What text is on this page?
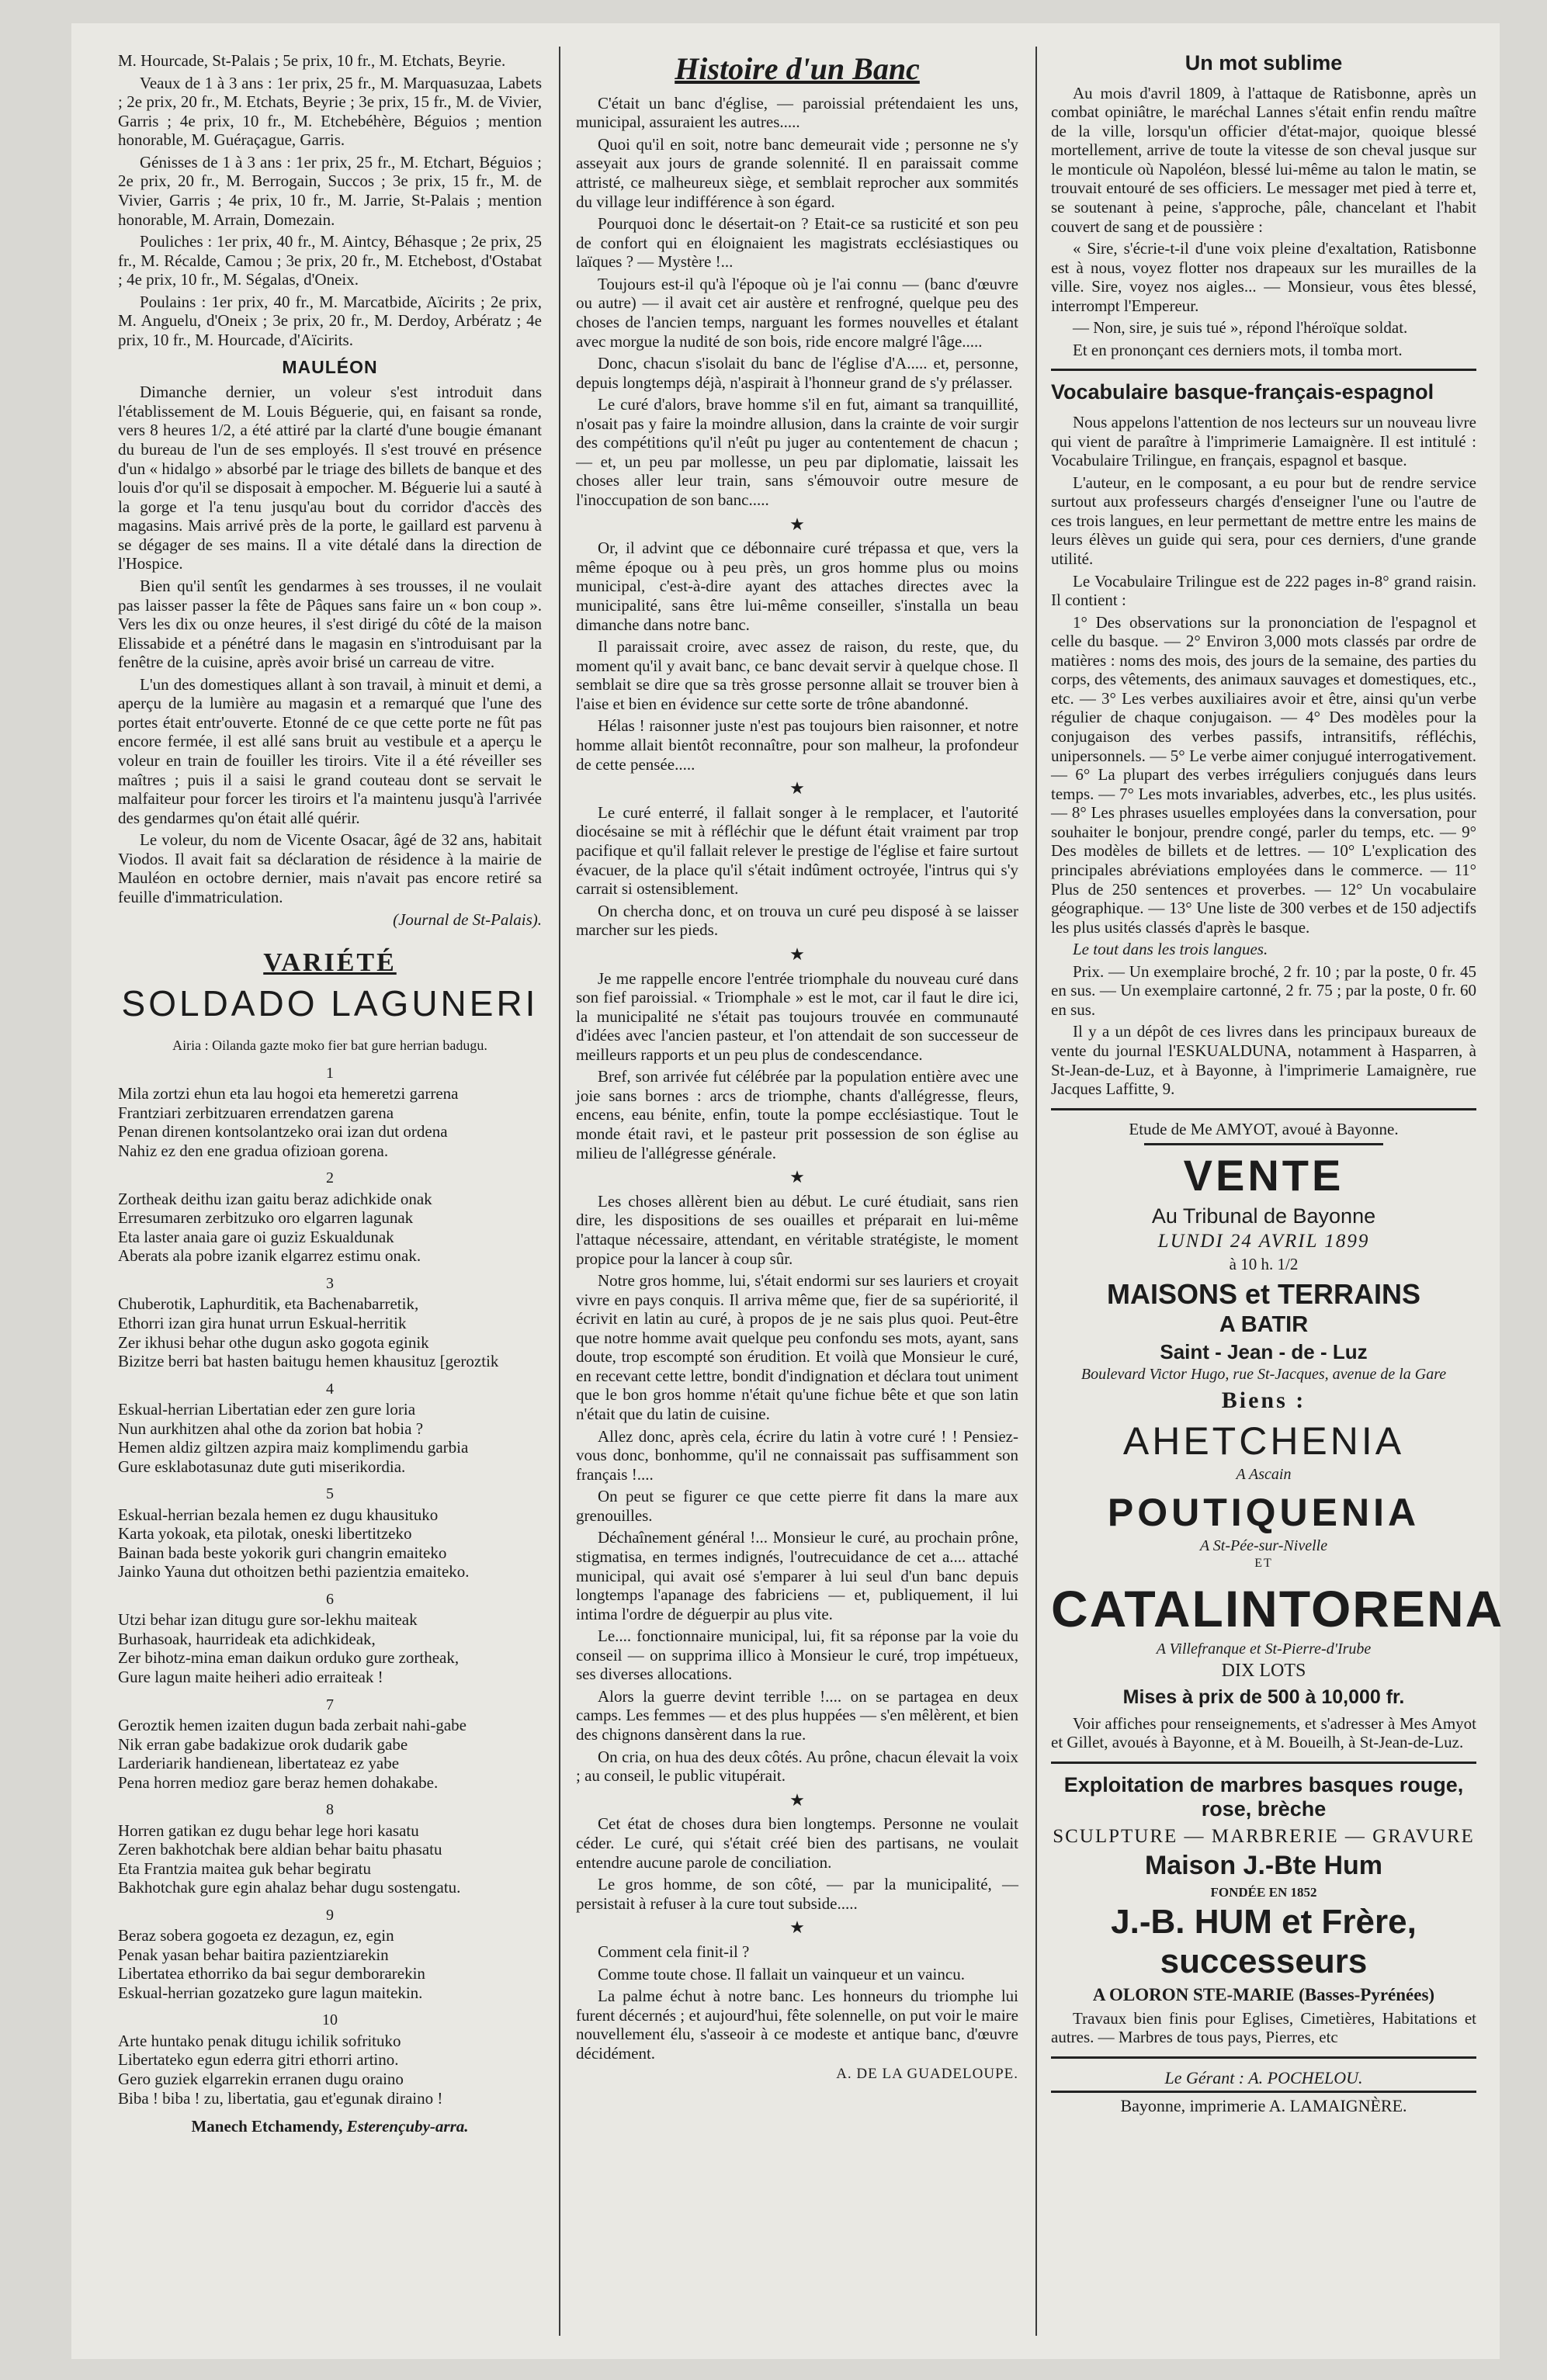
M. Hourcade, St-Palais ; 5e prix, 10 fr., M. Etchats, Beyrie.

Veaux de 1 à 3 ans : 1er prix, 25 fr., M. Marquasuzaa, Labets ; 2e prix, 20 fr., M. Etchats, Beyrie ; 3e prix, 15 fr., M. de Vivier, Garris ; 4e prix, 10 fr., M. Etchebéhère, Béguios ; mention honorable, M. Guéraçague, Garris.

Génisses de 1 à 3 ans : 1er prix, 25 fr., M. Etchart, Béguios ; 2e prix, 20 fr., M. Berrogain, Succos ; 3e prix, 15 fr., M. de Vivier, Garris ; 4e prix, 10 fr., M. Jarrie, St-Palais ; mention honorable, M. Arrain, Domezain.

Pouliches : 1er prix, 40 fr., M. Aintcy, Béhasque ; 2e prix, 25 fr., M. Récalde, Camou ; 3e prix, 20 fr., M. Etchebost, d'Ostabat ; 4e prix, 10 fr., M. Ségalas, d'Oneix.

Poulains : 1er prix, 40 fr., M. Marcatbide, Aïcirits ; 2e prix, M. Anguelu, d'Oneix ; 3e prix, 20 fr., M. Derdoy, Arbératz ; 4e prix, 10 fr., M. Hourcade, d'Aïcirits.

MAULÉON

Dimanche dernier, un voleur s'est introduit dans l'établissement de M. Louis Béguerie, qui, en faisant sa ronde, vers 8 heures 1/2, a été attiré par la clarté d'une bougie émanant du bureau de l'un de ses employés. Il s'est trouvé en présence d'un « hidalgo » absorbé par le triage des billets de banque et des louis d'or qu'il se disposait à empocher. M. Béguerie lui a sauté à la gorge et l'a tenu jusqu'au bout du corridor d'accès des magasins. Mais arrivé près de la porte, le gaillard est parvenu à se dégager de ses mains. Il a vite détalé dans la direction de l'Hospice.

Bien qu'il sentît les gendarmes à ses trousses, il ne voulait pas laisser passer la fête de Pâques sans faire un « bon coup ». Vers les dix ou onze heures, il s'est dirigé du côté de la maison Elissabide et a pénétré dans le magasin en s'introduisant par la fenêtre de la cuisine, après avoir brisé un carreau de vitre.

L'un des domestiques allant à son travail, à minuit et demi, a aperçu de la lumière au magasin et a remarqué que l'une des portes était entr'ouverte. Etonné de ce que cette porte ne fût pas encore fermée, il est allé sans bruit au vestibule et a aperçu le voleur en train de fouiller les tiroirs. Vite il a été réveiller ses maîtres ; puis il a saisi le grand couteau dont se servait le malfaiteur pour forcer les tiroirs et l'a maintenu jusqu'à l'arrivée des gendarmes qu'on était allé quérir.

Le voleur, du nom de Vicente Osacar, âgé de 32 ans, habitait Viodos. Il avait fait sa déclaration de résidence à la mairie de Mauléon en octobre dernier, mais n'avait pas encore retiré sa feuille d'immatriculation.

(Journal de St-Palais).
VARIÉTÉ
SOLDADO LAGUNERI
Airia : Oilanda gazte moko fier bat gure herrian badugu.
1

Mila zortzi ehun eta lau hogoi eta hemeretzi garrena

Frantziari zerbitzuaren errendatzen garena

Penan direnen kontsolantzeko orai izan dut ordena

Nahiz ez den ene gradua ofizioan gorena.

2

Zortheak deithu izan gaitu beraz adichkide onak

Erresumaren zerbitzuko oro elgarren lagunak

Eta laster anaia gare oi guziz Eskualdunak

Aberats ala pobre izanik elgarrez estimu onak.

3

Chuberotik, Laphurditik, eta Bachenabarretik,

Ethorri izan gira hunat urrun Eskual-herritik

Zer ikhusi behar othe dugun asko gogota eginik

Bizitze berri bat hasten baitugu hemen khausituz [geroztik

4

Eskual-herrian Libertatian eder zen gure loria

Nun aurkhitzen ahal othe da zorion bat hobia ?

Hemen aldiz giltzen azpira maiz komplimendu garbia

Gure esklabotasunaz dute guti miserikordia.

5

Eskual-herrian bezala hemen ez dugu khausituko

Karta yokoak, eta pilotak, oneski libertitzeko

Bainan bada beste yokorik guri changrin emaiteko

Jainko Yauna dut othoitzen bethi pazientzia emaiteko.

6

Utzi behar izan ditugu gure sor-lekhu maiteak

Burhasoak, haurrideak eta adichkideak,

Zer bihotz-mina eman daikun orduko gure zortheak,

Gure lagun maite heiheri adio erraiteak !

7

Geroztik hemen izaiten dugun bada zerbait nahi-gabe

Nik erran gabe badakizue orok dudarik gabe

Larderiarik handienean, libertateaz ez yabe

Pena horren medioz gare beraz hemen dohakabe.

8

Horren gatikan ez dugu behar lege hori kasatu

Zeren bakhotchak bere aldian behar baitu phasatu

Eta Frantzia maitea guk behar begiratu

Bakhotchak gure egin ahalaz behar dugu sostengatu.

9

Beraz sobera gogoeta ez dezagun, ez, egin

Penak yasan behar baitira pazientziarekin

Libertatea ethorriko da bai segur demborarekin

Eskual-herrian gozatzeko gure lagun maitekin.

10

Arte huntako penak ditugu ichilik sofrituko

Libertateko egun ederra gitri ethorri artino.

Gero guziek elgarrekin erranen dugu oraino

Biba ! biba ! zu, libertatia, gau et'egunak diraino !

Manech Etchamendy, Esterençuby-arra.
Histoire d'un Banc

C'était un banc d'église, — paroissial prétendaient les uns, municipal, assuraient les autres.....

Quoi qu'il en soit, notre banc demeurait vide ; personne ne s'y asseyait aux jours de grande solennité. Il en paraissait comme attristé, ce malheureux siège, et semblait reprocher aux sommités du village leur indifférence à son égard.

Pourquoi donc le désertait-on ? Etait-ce sa rusticité et son peu de confort qui en éloignaient les magistrats ecclésiastiques ou laïques ? — Mystère !...

Toujours est-il qu'à l'époque où je l'ai connu — (banc d'œuvre ou autre) — il avait cet air austère et renfrogné, quelque peu des choses de l'ancien temps, narguant les formes nouvelles et étalant avec morgue la nudité de son bois, ride encore malgré l'âge.....

Donc, chacun s'isolait du banc de l'église d'A..... et, personne, depuis longtemps déjà, n'aspirait à l'honneur grand de s'y prélasser.

Le curé d'alors, brave homme s'il en fut, aimant sa tranquillité, n'osait pas y faire la moindre allusion, dans la crainte de voir surgir des compétitions qu'il n'eût pu juger au contentement de chacun ; — et, un peu par mollesse, un peu par diplomatie, laissait les choses aller leur train, sans s'émouvoir outre mesure de l'inoccupation de son banc.....

★

Or, il advint que ce débonnaire curé trépassa et que, vers la même époque ou à peu près, un gros homme plus ou moins municipal, c'est-à-dire ayant des attaches directes avec la municipalité, sans être lui-même conseiller, s'installa un beau dimanche dans notre banc.

Il paraissait croire, avec assez de raison, du reste, que, du moment qu'il y avait banc, ce banc devait servir à quelque chose. Il semblait se dire que sa très grosse personne allait se trouver bien à l'aise et bien en évidence sur cette sorte de trône abandonné.

Hélas ! raisonner juste n'est pas toujours bien raisonner, et notre homme allait bientôt reconnaître, pour son malheur, la profondeur de cette pensée.....

★

Le curé enterré, il fallait songer à le remplacer, et l'autorité diocésaine se mit à réfléchir que le défunt était vraiment par trop pacifique et qu'il fallait relever le prestige de l'église et faire surtout évacuer, de la place qu'il s'était indûment octroyée, l'intrus qui s'y carrait si ostensiblement.

On chercha donc, et on trouva un curé peu disposé à se laisser marcher sur les pieds.

★

Je me rappelle encore l'entrée triomphale du nouveau curé dans son fief paroissial. « Triomphale » est le mot, car il faut le dire ici, la municipalité ne s'était pas toujours trouvée en communauté d'idées avec l'ancien pasteur, et l'on attendait de son successeur de meilleurs rapports et un peu plus de condescendance.

Bref, son arrivée fut célébrée par la population entière avec une joie sans bornes : arcs de triomphe, chants d'allégresse, fleurs, encens, eau bénite, enfin, toute la pompe ecclésiastique. Tout le monde était ravi, et le pasteur prit possession de son église au milieu de l'allégresse générale.

★

Les choses allèrent bien au début. Le curé étudiait, sans rien dire, les dispositions de ses ouailles et préparait en lui-même l'attaque nécessaire, attendant, en véritable stratégiste, le moment propice pour la lancer à coup sûr.

Notre gros homme, lui, s'était endormi sur ses lauriers et croyait vivre en pays conquis. Il arriva même que, fier de sa supériorité, il écrivit en latin au curé, à propos de je ne sais plus quoi. Peut-être que notre homme avait quelque peu confondu ses mots, ayant, sans doute, trop escompté son érudition. Et voilà que Monsieur le curé, en recevant cette lettre, bondit d'indignation et déclara tout uniment que le bon gros homme n'était qu'une fichue bête et que son latin n'était que du latin de cuisine.

Allez donc, après cela, écrire du latin à votre curé ! ! Pensiez-vous donc, bonhomme, qu'il ne connaissait pas suffisamment son français !....

On peut se figurer ce que cette pierre fit dans la mare aux grenouilles.

Déchaînement général !... Monsieur le curé, au prochain prône, stigmatisa, en termes indignés, l'outrecuidance de cet a.... attaché municipal, qui avait osé s'emparer à lui seul d'un banc depuis longtemps l'apanage des fabriciens — et, publiquement, il lui intima l'ordre de déguerpir au plus vite.

Le.... fonctionnaire municipal, lui, fit sa réponse par la voie du conseil — on supprima illico à Monsieur le curé, trop impétueux, ses diverses allocations.

Alors la guerre devint terrible !.... on se partagea en deux camps. Les femmes — et des plus huppées — s'en mêlèrent, et bien des chignons dansèrent dans la rue.

On cria, on hua des deux côtés. Au prône, chacun élevait la voix ; au conseil, le public vitupérait.

★

Cet état de choses dura bien longtemps. Personne ne voulait céder. Le curé, qui s'était créé bien des partisans, ne voulait entendre aucune parole de conciliation.

Le gros homme, de son côté, — par la municipalité, — persistait à refuser à la cure tout subside.....

★

Comment cela finit-il ?

Comme toute chose. Il fallait un vainqueur et un vaincu.

La palme échut à notre banc. Les honneurs du triomphe lui furent décernés ; et aujourd'hui, fête solennelle, on put voir le maire nouvellement élu, s'asseoir à ce modeste et antique banc, d'œuvre décidément.

A. DE LA GUADELOUPE.
Un mot sublime

Au mois d'avril 1809, à l'attaque de Ratisbonne, après un combat opiniâtre, le maréchal Lannes s'était enfin rendu maître de la ville, lorsqu'un officier d'état-major, quoique blessé mortellement, arrive de toute la vitesse de son cheval jusque sur le monticule où Napoléon, blessé lui-même au talon le matin, se trouvait entouré de ses officiers. Le messager met pied à terre et, se soutenant à peine, s'approche, pâle, chancelant et l'habit couvert de sang et de poussière :

« Sire, s'écrie-t-il d'une voix pleine d'exaltation, Ratisbonne est à nous, voyez flotter nos drapeaux sur les murailles de la ville. Sire, voyez nos aigles... — Monsieur, vous êtes blessé, interrompt l'Empereur.

— Non, sire, je suis tué », répond l'héroïque soldat.

Et en prononçant ces derniers mots, il tomba mort.

Vocabulaire basque-français-espagnol

Nous appelons l'attention de nos lecteurs sur un nouveau livre qui vient de paraître à l'imprimerie Lamaignère. Il est intitulé : Vocabulaire Trilingue, en français, espagnol et basque.

L'auteur, en le composant, a eu pour but de rendre service surtout aux professeurs chargés d'enseigner l'une ou l'autre de ces trois langues, en leur permettant de mettre entre les mains de leurs élèves un guide qui sera, pour ces derniers, d'une grande utilité.

Le Vocabulaire Trilingue est de 222 pages in-8° grand raisin. Il contient :

1° Des observations sur la prononciation de l'espagnol et celle du basque. — 2° Environ 3,000 mots classés par ordre de matières : noms des mois, des jours de la semaine, des parties du corps, des vêtements, des animaux sauvages et domestiques, etc., etc. — 3° Les verbes auxiliaires avoir et être, ainsi qu'un verbe régulier de chaque conjugaison. — 4° Des modèles pour la conjugaison des verbes passifs, intransitifs, réfléchis, unipersonnels. — 5° Le verbe aimer conjugué interrogativement. — 6° La plupart des verbes irréguliers conjugués dans leurs temps. — 7° Les mots invariables, adverbes, etc., les plus usités. — 8° Les phrases usuelles employées dans la conversation, pour souhaiter le bonjour, prendre congé, parler du temps, etc. — 9° Des modèles de billets et de lettres. — 10° L'explication des principales abréviations employées dans le commerce. — 11° Plus de 250 sentences et proverbes. — 12° Un vocabulaire géographique. — 13° Une liste de 300 verbes et de 150 adjectifs les plus usités classés d'après le basque.

Le tout dans les trois langues.

Prix. — Un exemplaire broché, 2 fr. 10 ; par la poste, 0 fr. 45 en sus. — Un exemplaire cartonné, 2 fr. 75 ; par la poste, 0 fr. 60 en sus.

Il y a un dépôt de ces livres dans les principaux bureaux de vente du journal l'ESKUALDUNA, notamment à Hasparren, à St-Jean-de-Luz, et à Bayonne, à l'imprimerie Lamaignère, rue Jacques Laffitte, 9.

Etude de Me AMYOT, avoué à Bayonne.

VENTE
Au Tribunal de Bayonne
LUNDI 24 AVRIL 1899
à 10 h. 1/2
MAISONS et TERRAINS
A BATIR
Saint - Jean - de - Luz
Boulevard Victor Hugo, rue St-Jacques, avenue de la Gare
Biens :
AHETCHENIA
A Ascain
POUTIQUENIA
A St-Pée-sur-Nivelle
ET
CATALINTORENA
A Villefranque et St-Pierre-d'Irube
DIX LOTS
Mises à prix de 500 à 10,000 fr.

Voir affiches pour renseignements, et s'adresser à Mes Amyot et Gillet, avoués à Bayonne, et à M. Boueilh, à St-Jean-de-Luz.

Exploitation de marbres basques rouge, rose, brèche
SCULPTURE — MARBRERIE — GRAVURE
Maison J.-Bte Hum
FONDÉE EN 1852
J.-B. HUM et Frère, successeurs
A OLORON STE-MARIE (Basses-Pyrénées)

Travaux bien finis pour Eglises, Cimetières, Habitations et autres. — Marbres de tous pays, Pierres, etc

Le Gérant : A. POCHELOU.
Bayonne, imprimerie A. LAMAIGNÈRE.
